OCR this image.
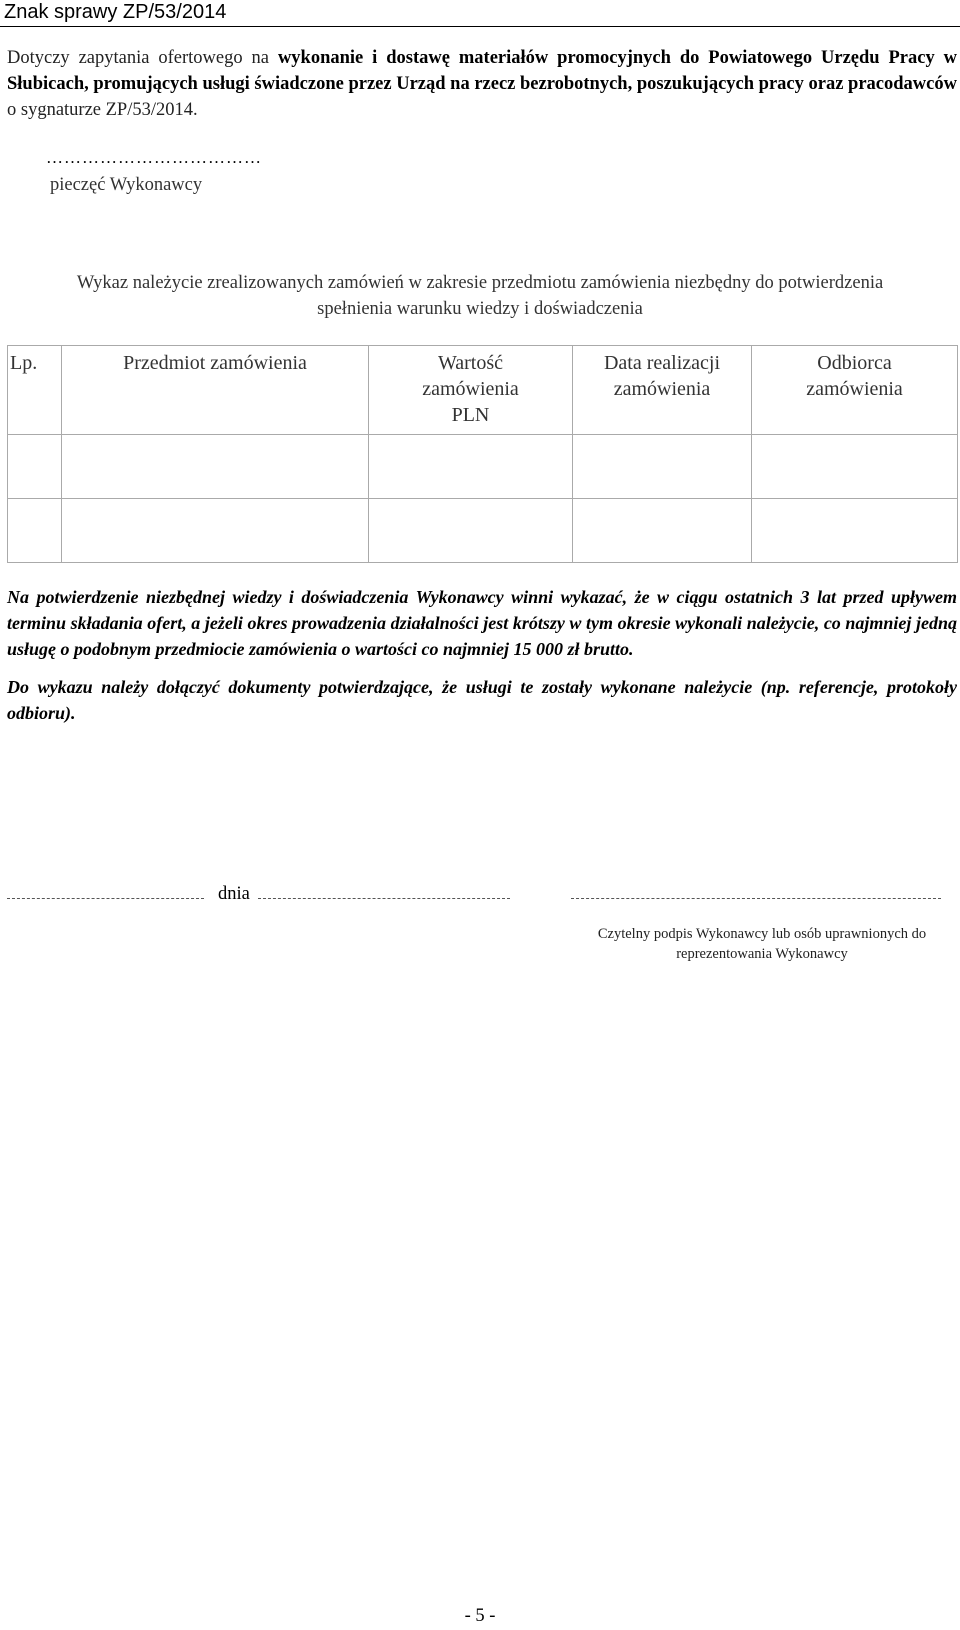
Znak sprawy ZP/53/2014
Dotyczy zapytania ofertowego na wykonanie i dostawę materiałów promocyjnych do Powiatowego Urzędu Pracy w Słubicach, promujących usługi świadczone przez Urząd na rzecz bezrobotnych, poszukujących pracy oraz pracodawców o sygnaturze ZP/53/2014.
………………………………
pieczęć Wykonawcy
Wykaz należycie zrealizowanych zamówień w zakresie przedmiotu zamówienia niezbędny do potwierdzenia
spełnienia warunku wiedzy i doświadczenia
Lp.	Przedmiot zamówienia	Wartość zamówienia PLN	Data realizacji zamówienia	Odbiorca zamówienia

Na potwierdzenie niezbędnej wiedzy i doświadczenia Wykonawcy winni wykazać, że w ciągu ostatnich 3 lat przed upływem terminu składania ofert, a jeżeli okres prowadzenia działalności jest krótszy w tym okresie wykonali należycie, co najmniej jedną usługę o podobnym przedmiocie zamówienia o wartości co najmniej 15 000 zł brutto.

Do wykazu należy dołączyć dokumenty potwierdzające, że usługi te zostały wykonane należycie (np. referencje, protokoły odbioru).

dnia
Czytelny podpis Wykonawcy lub osób uprawnionych do
reprezentowania Wykonawcy
- 5 -
